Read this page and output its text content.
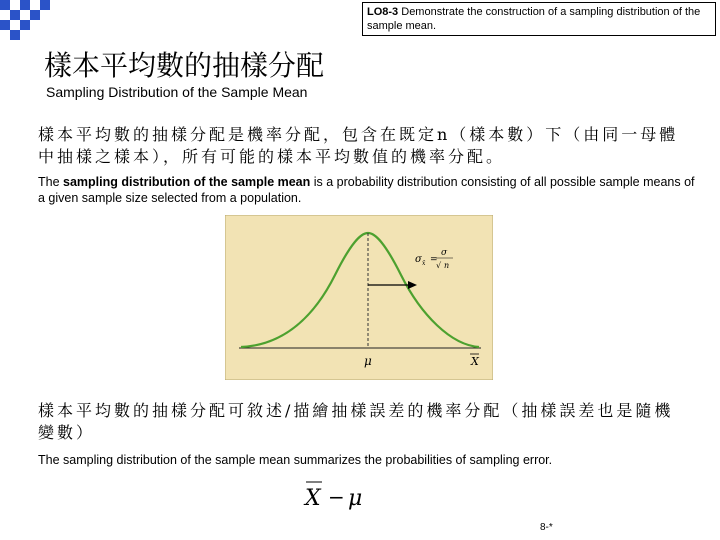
LO8-3 Demonstrate the construction of a sampling distribution of the sample mean.
樣本平均數的抽樣分配
Sampling Distribution of the Sample Mean
樣本平均數的抽樣分配是機率分配，包含在既定n（樣本數）下（由同一母體中抽樣之樣本），所有可能的樣本平均數值的機率分配。
The sampling distribution of the sample mean is a probability distribution consisting of all possible sample means of a given sample size selected from a population.
μ	X
σ x̄ =
σ
√ n
樣本平均數的抽樣分配可敘述/描繪抽樣誤差的機率分配（抽樣誤差也是隨機變數）
The sampling distribution of the sample mean summarizes the probabilities of sampling error.
X − μ
8-*
